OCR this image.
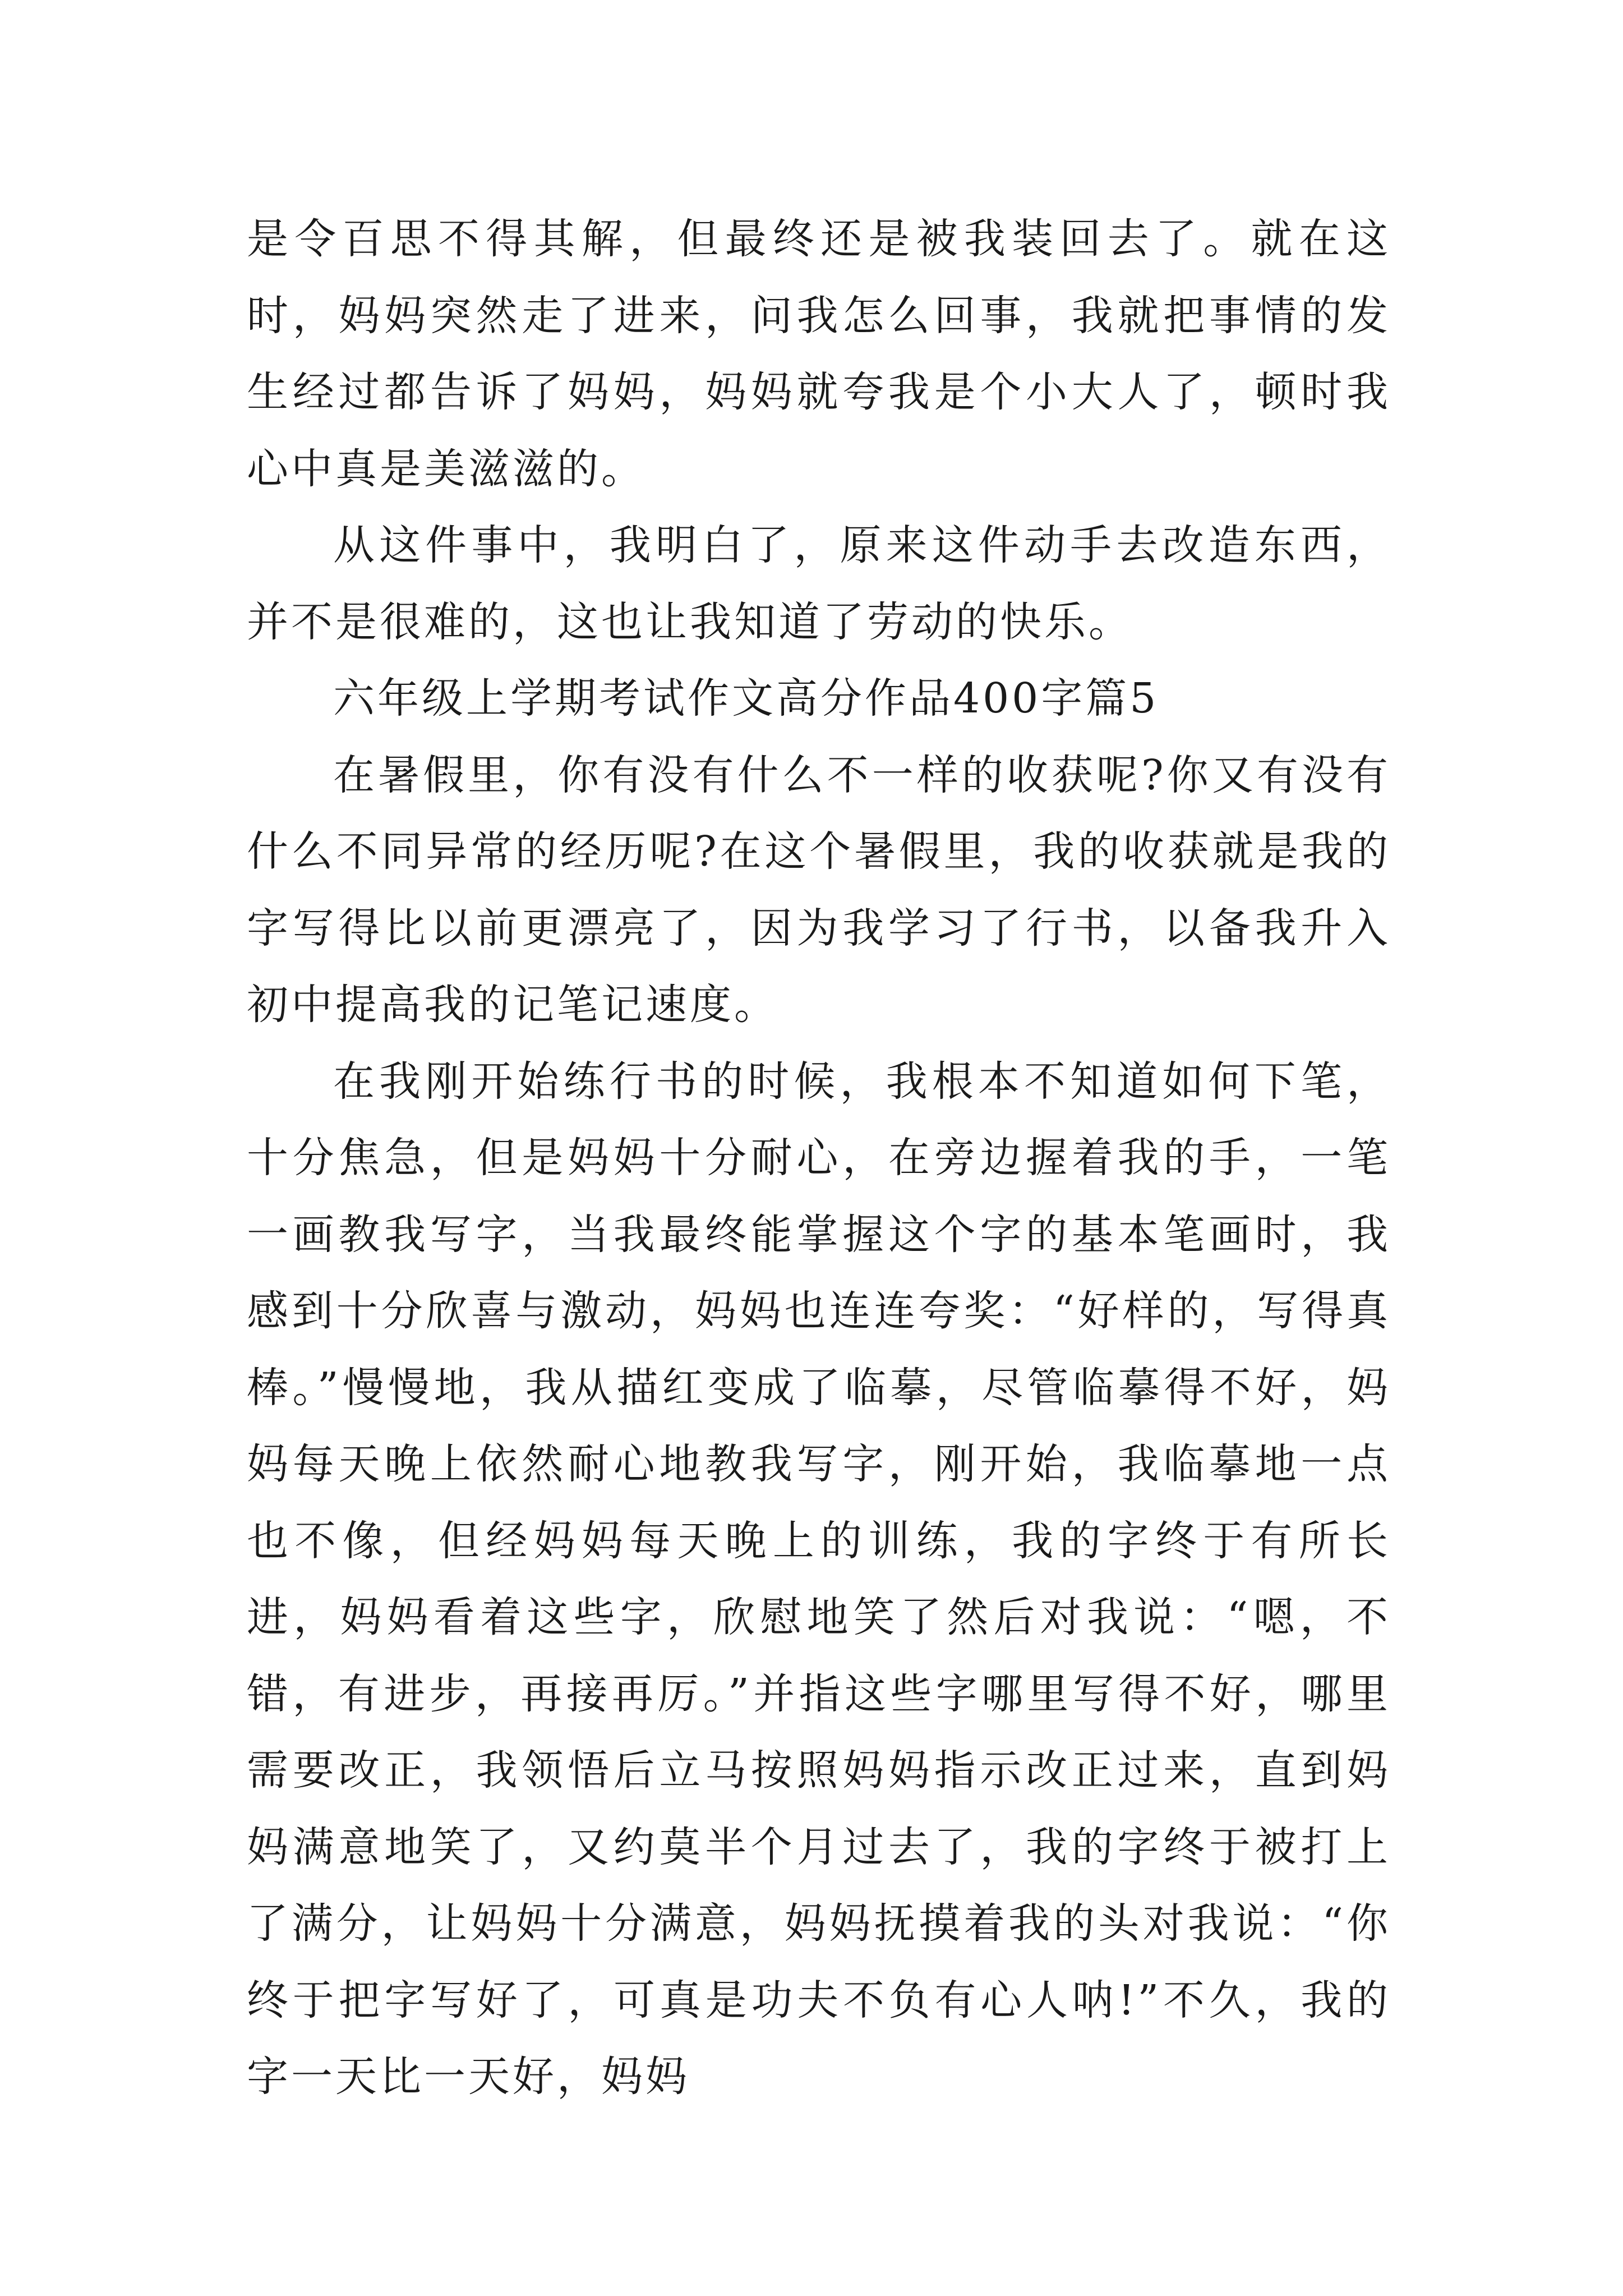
是令百思不得其解，但最终还是被我装回去了。就在这时，妈妈突然走了进来，问我怎么回事，我就把事情的发生经过都告诉了妈妈，妈妈就夸我是个小大人了，顿时我心中真是美滋滋的。

从这件事中，我明白了，原来这件动手去改造东西，并不是很难的，这也让我知道了劳动的快乐。

六年级上学期考试作文高分作品400字篇5

在暑假里，你有没有什么不一样的收获呢?你又有没有什么不同异常的经历呢?在这个暑假里，我的收获就是我的字写得比以前更漂亮了，因为我学习了行书，以备我升入初中提高我的记笔记速度。

在我刚开始练行书的时候，我根本不知道如何下笔，十分焦急，但是妈妈十分耐心，在旁边握着我的手，一笔一画教我写字，当我最终能掌握这个字的基本笔画时，我感到十分欣喜与激动，妈妈也连连夸奖：“好样的，写得真棒。”慢慢地，我从描红变成了临摹，尽管临摹得不好，妈妈每天晚上依然耐心地教我写字，刚开始，我临摹地一点也不像，但经妈妈每天晚上的训练，我的字终于有所长进，妈妈看着这些字，欣慰地笑了然后对我说：“嗯，不错，有进步，再接再厉。”并指这些字哪里写得不好，哪里需要改正，我领悟后立马按照妈妈指示改正过来，直到妈妈满意地笑了，又约莫半个月过去了，我的字终于被打上了满分，让妈妈十分满意，妈妈抚摸着我的头对我说：“你终于把字写好了，可真是功夫不负有心人呐!”不久，我的字一天比一天好，妈妈
